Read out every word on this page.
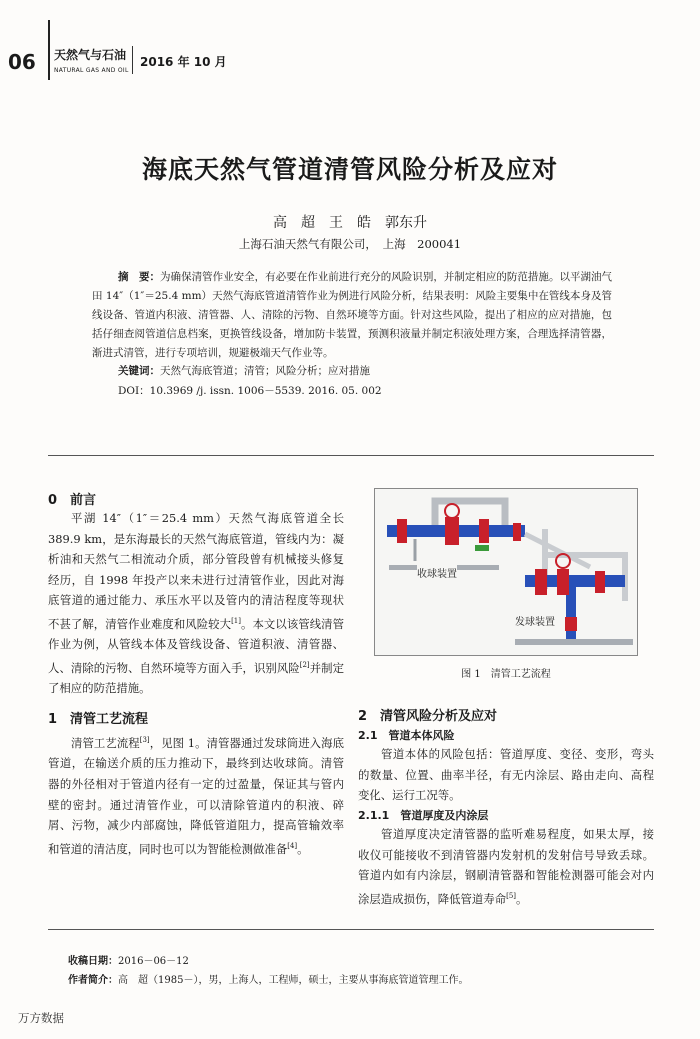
06 天然气与石油
NATURAL GAS AND OIL
2016 年 10 月
海底天然气管道清管风险分析及应对
高　超　王　皓　郭东升
上海石油天然气有限公司，　上海　200041
摘　要：为确保清管作业安全，有必要在作业前进行充分的风险识别，并制定相应的防范措施。以平湖油气田 14″（1″＝25.4 mm）天然气海底管道清管作业为例进行风险分析，结果表明：风险主要集中在管线本身及管线设备、管道内积液、清管器、人、清除的污物、自然环境等方面。针对这些风险，提出了相应的应对措施，包括仔细查阅管道信息档案，更换管线设备，增加防卡装置，预测积液量并制定积液处理方案，合理选择清管器，渐进式清管，进行专项培训，规避极端天气作业等。
关键词：天然气海底管道；清管；风险分析；应对措施
DOI：10.3969 /j. issn. 1006－5539. 2016. 05. 002
0　前言
平湖 14″（1″＝25.4 mm）天然气海底管道全长 389.9 km，是东海最长的天然气海底管道，管线内为：凝析油和天然气二相流动介质，部分管段曾有机械接头修复经历，自 1998 年投产以来未进行过清管作业，因此对海底管道的通过能力、承压水平以及管内的清洁程度等现状不甚了解，清管作业难度和风险较大[1]。本文以该管线清管作业为例，从管线本体及管线设备、管道积液、清管器、人、清除的污物、自然环境等方面入手，识别风险[2]并制定了相应的防范措施。
1　清管工艺流程
清管工艺流程[3]，见图 1。清管器通过发球筒进入海底管道，在输送介质的压力推动下，最终到达收球筒。清管器的外径相对于管道内径有一定的过盈量，保证其与管内壁的密封。通过清管作业，可以清除管道内的积液、碎屑、污物，减少内部腐蚀，降低管道阻力，提高管输效率和管道的清洁度，同时也可以为智能检测做准备[4]。
收球装置
发球装置
图 1　清管工艺流程
2　清管风险分析及应对
2.1　管道本体风险
管道本体的风险包括：管道厚度、变径、变形，弯头的数量、位置、曲率半径，有无内涂层、路由走向、高程变化、运行工况等。
2.1.1　管道厚度及内涂层
管道厚度决定清管器的监听难易程度，如果太厚，接收仪可能接收不到清管器内发射机的发射信号导致丢球。管道内如有内涂层，钢刷清管器和智能检测器可能会对内涂层造成损伤，降低管道寿命[5]。
收稿日期：2016－06－12
作者简介：高　超（1985－），男，上海人，工程师，硕士，主要从事海底管道管理工作。
万方数据
